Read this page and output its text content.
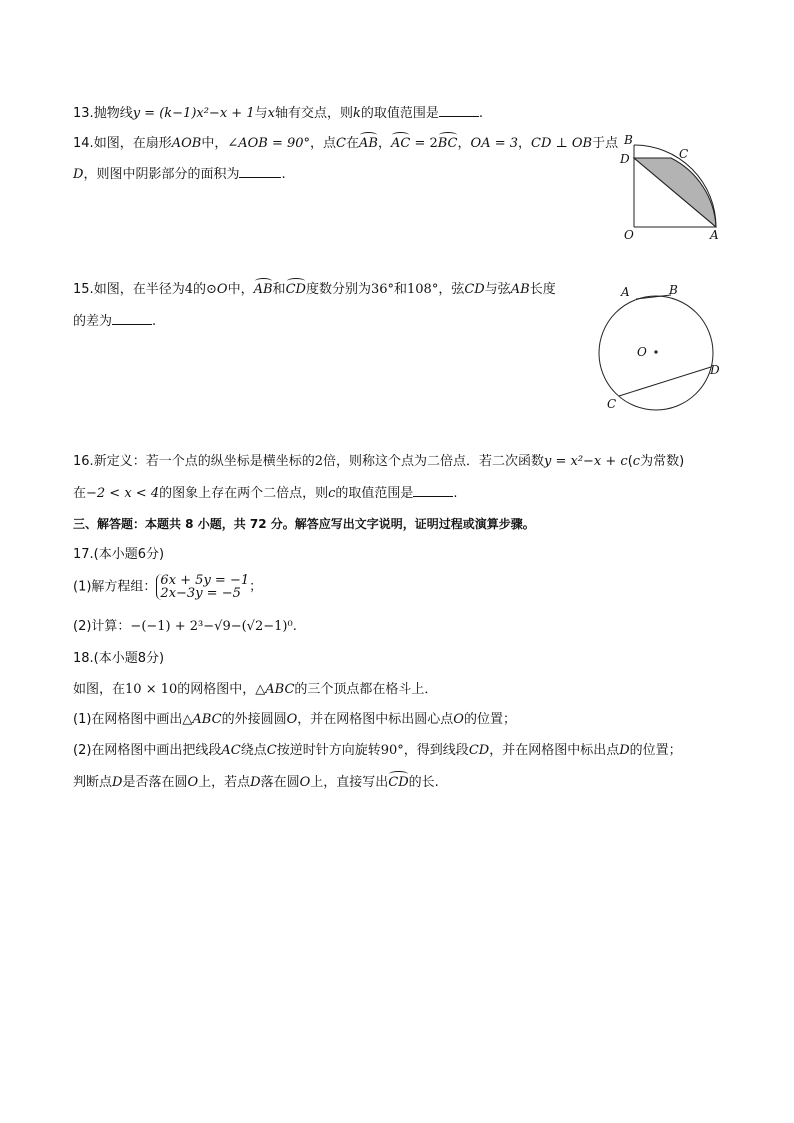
13.抛物线y = (k−1)x²−x + 1与x轴有交点，则k的取值范围是	.
14.如图，在扇形AOB中，∠AOB = 90°，点C在AB，AC = 2BC，OA = 3，CD ⊥ OB于点
D，则图中阴影部分的面积为	.
B
D	C
O	A
15.如图，在半径为4的⊙O中，AB和CD度数分别为36°和108°，弦CD与弦AB长度
的差为	.
A	B
O
D
C
16.新定义：若一个点的纵坐标是横坐标的2倍，则称这个点为二倍点．若二次函数y = x²−x + c(c为常数)
在−2 < x < 4的图象上存在两个二倍点，则c的取值范围是	.
三、解答题：本题共 8 小题，共 72 分。解答应写出文字说明，证明过程或演算步骤。
17.(本小题6分)
(1)解方程组： 6x + 5y = −1
2x−3y = −5 ；
(2)计算：−(−1) + 2³−√9−(√2−1)⁰.
18.(本小题8分)
如图，在10 × 10的网格图中，△ABC的三个顶点都在格斗上．
(1)在网格图中画出△ABC的外接圆圆O，并在网格图中标出圆心点O的位置；
(2)在网格图中画出把线段AC绕点C按逆时针方向旋转90°，得到线段CD，并在网格图中标出点D的位置；
判断点D是否落在圆O上，若点D落在圆O上，直接写出CD的长.
